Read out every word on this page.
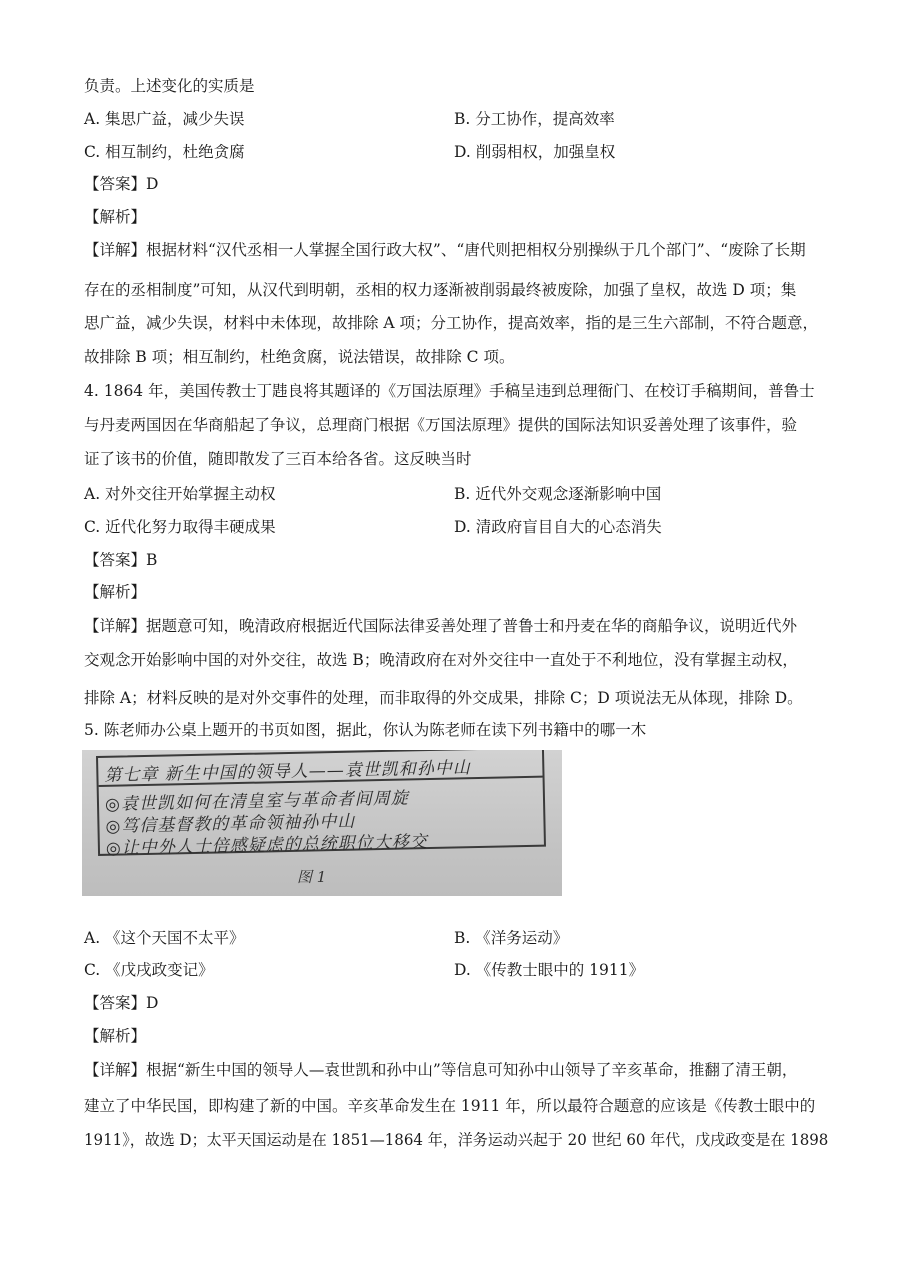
负责。上述变化的实质是
A. 集思广益，减少失误	B. 分工协作，提高效率
C. 相互制约，杜绝贪腐	D. 削弱相权，加强皇权
【答案】D
【解析】
【详解】根据材料“汉代丞相一人掌握全国行政大权”、“唐代则把相权分别操纵于几个部门”、“废除了长期
存在的丞相制度”可知，从汉代到明朝，丞相的权力逐渐被削弱最终被废除，加强了皇权，故选 D 项；集
思广益，减少失误，材料中未体现，故排除 A 项；分工协作，提高效率，指的是三生六部制，不符合题意，
故排除 B 项；相互制约，杜绝贪腐，说法错误，故排除 C 项。
4. 1864 年，美国传教士丁韪良将其题译的《万国法原理》手稿呈违到总理衙门、在校订手稿期间，普鲁士
与丹麦两国因在华商船起了争议，总理商门根据《万国法原理》提供的国际法知识妥善处理了该事件，验
证了该书的价值，随即散发了三百本给各省。这反映当时
A. 对外交往开始掌握主动权	B. 近代外交观念逐渐影响中国
C. 近代化努力取得丰硬成果	D. 清政府盲目自大的心态消失
【答案】B
【解析】
【详解】据题意可知，晚清政府根据近代国际法律妥善处理了普鲁士和丹麦在华的商船争议，说明近代外
交观念开始影响中国的对外交往，故选 B；晚清政府在对外交往中一直处于不利地位，没有掌握主动权，
排除 A；材料反映的是对外交事件的处理，而非取得的外交成果，排除 C；D 项说法无从体现，排除 D。
5. 陈老师办公桌上题开的书页如图，据此，你认为陈老师在读下列书籍中的哪一木
第七章 新生中国的领导人——袁世凯和孙中山
◎袁世凯如何在清皇室与革命者间周旋
◎笃信基督教的革命领袖孙中山
◎让中外人士倍感疑虑的总统职位大移交
图 1
A. 《这个天国不太平》	B. 《洋务运动》
C. 《戊戌政变记》	D. 《传教士眼中的 1911》
【答案】D
【解析】
【详解】根据“新生中国的领导人—袁世凯和孙中山”等信息可知孙中山领导了辛亥革命，推翻了清王朝，
建立了中华民国，即构建了新的中国。辛亥革命发生在 1911 年，所以最符合题意的应该是《传教士眼中的
1911》，故选 D；太平天国运动是在 1851—1864 年，洋务运动兴起于 20 世纪 60 年代，戊戌政变是在 1898
